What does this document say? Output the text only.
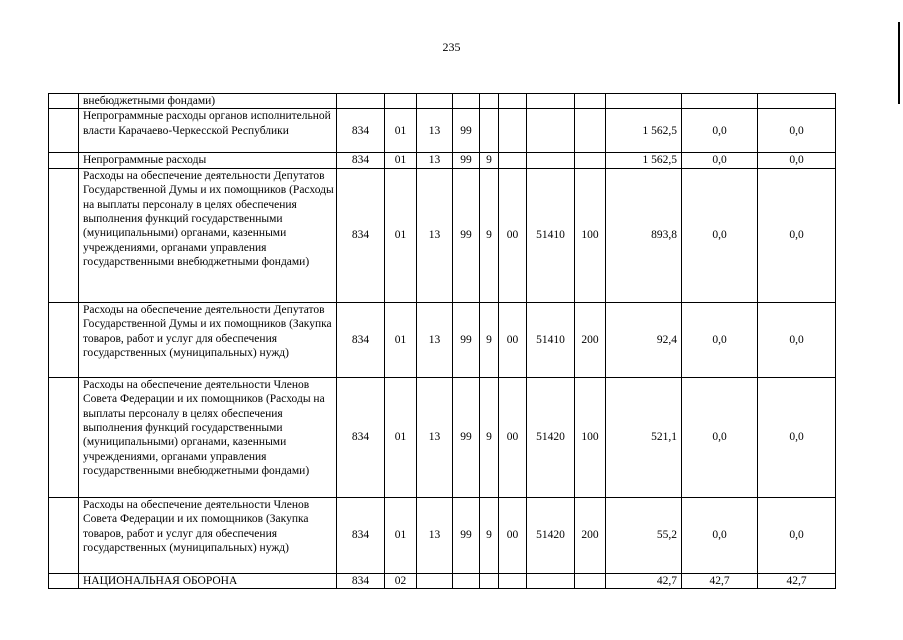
235
	внебюджетными фондами)											
	Непрограммные расходы органов исполнительной власти Карачаево-Черкесской Республики	834	01	13	99					1 562,5	0,0	0,0
	Непрограммные расходы	834	01	13	99	9				1 562,5	0,0	0,0
	Расходы на обеспечение деятельности Депутатов Государственной Думы и их помощников (Расходы на выплаты персоналу в целях обеспечения выполнения функций государственными (муниципальными) органами, казенными учреждениями, органами управления государственными внебюджетными фондами)	834	01	13	99	9	00	51410	100	893,8	0,0	0,0
	Расходы на обеспечение деятельности Депутатов Государственной Думы и их помощников (Закупка товаров, работ и услуг для обеспечения государственных (муниципальных) нужд)	834	01	13	99	9	00	51410	200	92,4	0,0	0,0
	Расходы на обеспечение деятельности Членов Совета Федерации и их помощников (Расходы на выплаты персоналу в целях обеспечения выполнения функций государственными (муниципальными) органами, казенными учреждениями, органами управления государственными внебюджетными фондами)	834	01	13	99	9	00	51420	100	521,1	0,0	0,0
	Расходы на обеспечение деятельности Членов Совета Федерации и их помощников (Закупка товаров, работ и услуг для обеспечения государственных (муниципальных) нужд)	834	01	13	99	9	00	51420	200	55,2	0,0	0,0
	НАЦИОНАЛЬНАЯ ОБОРОНА	834	02							42,7	42,7	42,7
